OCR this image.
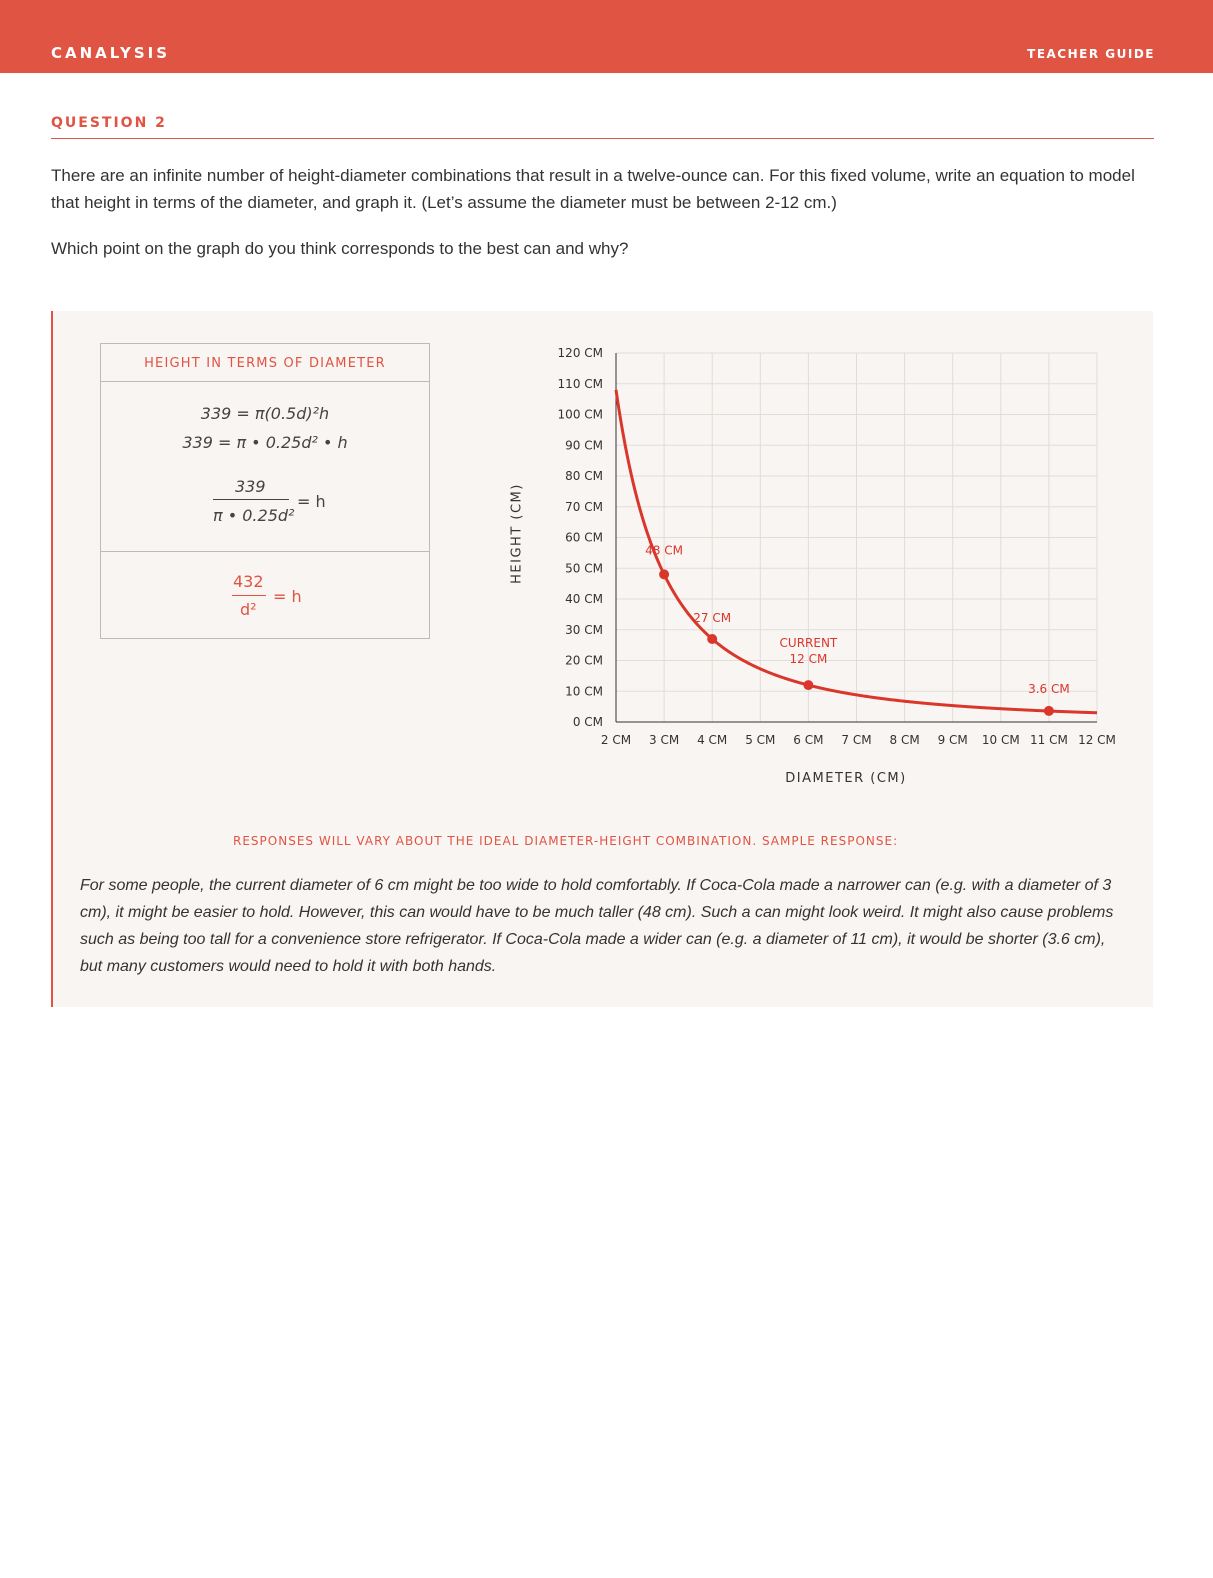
CANALYSIS	TEACHER GUIDE
QUESTION 2

There are an infinite number of height-diameter combinations that result in a twelve-ounce can. For this fixed volume, write an equation to model that height in terms of the diameter, and graph it. (Let’s assume the diameter must be between 2-12 cm.)

Which point on the graph do you think corresponds to the best can and why?

HEIGHT IN TERMS OF DIAMETER
339 = π(0.5d)²h
339 = π • 0.25d² • h
339
π • 0.25d²
= h
432
d²
= h
HEIGHT (CM)
DIAMETER (CM)
2 CM 3 CM 4 CM 5 CM 6 CM 7 CM 8 CM 9 CM 10 CM 11 CM 12 CM
0 CM
10 CM
20 CM
30 CM
40 CM
50 CM
60 CM
70 CM
80 CM
90 CM
100 CM
110 CM
120 CM
48 CM
27 CM
CURRENT 12 CM
3.6 CM
RESPONSES WILL VARY ABOUT THE IDEAL DIAMETER-HEIGHT COMBINATION. SAMPLE RESPONSE:

For some people, the current diameter of 6 cm might be too wide to hold comfortably. If Coca-Cola made a narrower can (e.g. with a diameter of 3 cm), it might be easier to hold. However, this can would have to be much taller (48 cm). Such a can might look weird. It might also cause problems such as being too tall for a convenience store refrigerator. If Coca-Cola made a wider can (e.g. a diameter of 11 cm), it would be shorter (3.6 cm), but many customers would need to hold it with both hands.
